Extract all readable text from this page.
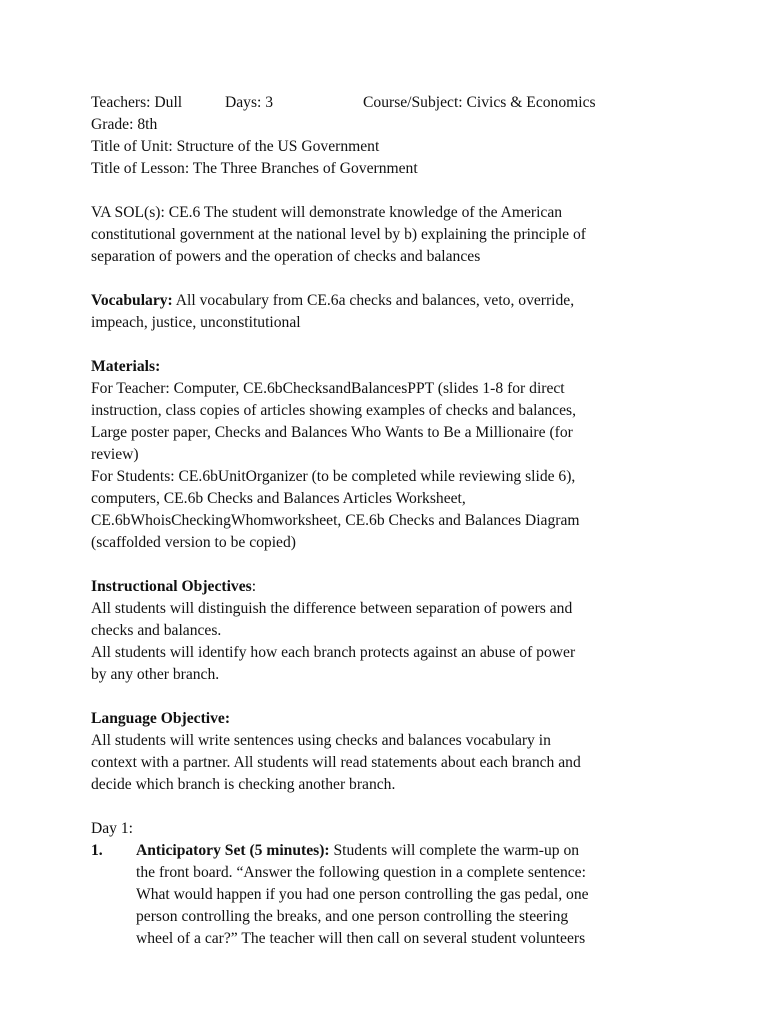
Teachers: Dull	Days: 3	Course/Subject: Civics & Economics
Grade: 8th
Title of Unit: Structure of the US Government
Title of Lesson: The Three Branches of Government
VA SOL(s): CE.6 The student will demonstrate knowledge of the American
constitutional government at the national level by b) explaining the principle of
separation of powers and the operation of checks and balances
Vocabulary: All vocabulary from CE.6a checks and balances, veto, override,
impeach, justice, unconstitutional
Materials:
For Teacher: Computer, CE.6bChecksandBalancesPPT (slides 1-8 for direct
instruction, class copies of articles showing examples of checks and balances,
Large poster paper, Checks and Balances Who Wants to Be a Millionaire (for
review)
For Students: CE.6bUnitOrganizer (to be completed while reviewing slide 6),
computers, CE.6b Checks and Balances Articles Worksheet,
CE.6bWhoisCheckingWhomworksheet, CE.6b Checks and Balances Diagram
(scaffolded version to be copied)
Instructional Objectives:
All students will distinguish the difference between separation of powers and
checks and balances.
All students will identify how each branch protects against an abuse of power
by any other branch.
Language Objective:
All students will write sentences using checks and balances vocabulary in
context with a partner. All students will read statements about each branch and
decide which branch is checking another branch.
Day 1:
1.	Anticipatory Set (5 minutes): Students will complete the warm-up on
the front board. “Answer the following question in a complete sentence:
What would happen if you had one person controlling the gas pedal, one
person controlling the breaks, and one person controlling the steering
wheel of a car?” The teacher will then call on several student volunteers
